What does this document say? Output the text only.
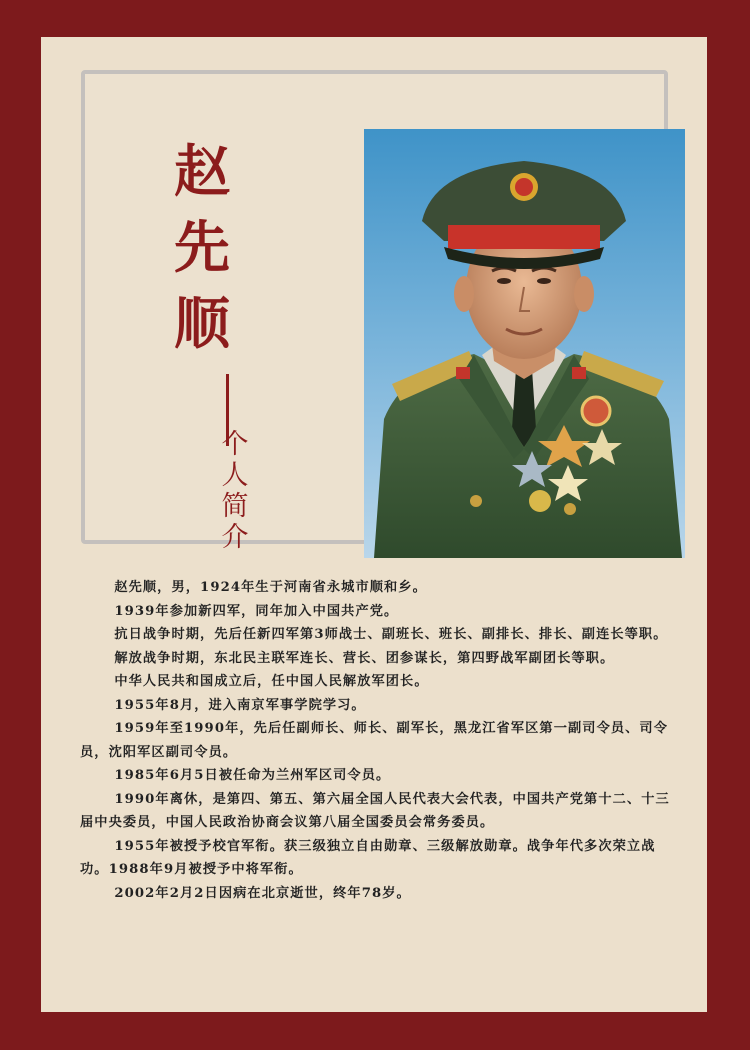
赵
先
顺
个
人
简
介

赵先顺，男，1924年生于河南省永城市顺和乡。

1939年参加新四军，同年加入中国共产党。

抗日战争时期，先后任新四军第3师战士、副班长、班长、副排长、排长、副连长等职。

解放战争时期，东北民主联军连长、营长、团参谋长，第四野战军副团长等职。

中华人民共和国成立后，任中国人民解放军团长。

1955年8月，进入南京军事学院学习。

1959年至1990年，先后任副师长、师长、副军长，黑龙江省军区第一副司令员、司令员，沈阳军区副司令员。

1985年6月5日被任命为兰州军区司令员。

1990年离休，是第四、第五、第六届全国人民代表大会代表，中国共产党第十二、十三届中央委员，中国人民政治协商会议第八届全国委员会常务委员。

1955年被授予校官军衔。获三级独立自由勋章、三级解放勋章。战争年代多次荣立战功。1988年9月被授予中将军衔。

2002年2月2日因病在北京逝世，终年78岁。
